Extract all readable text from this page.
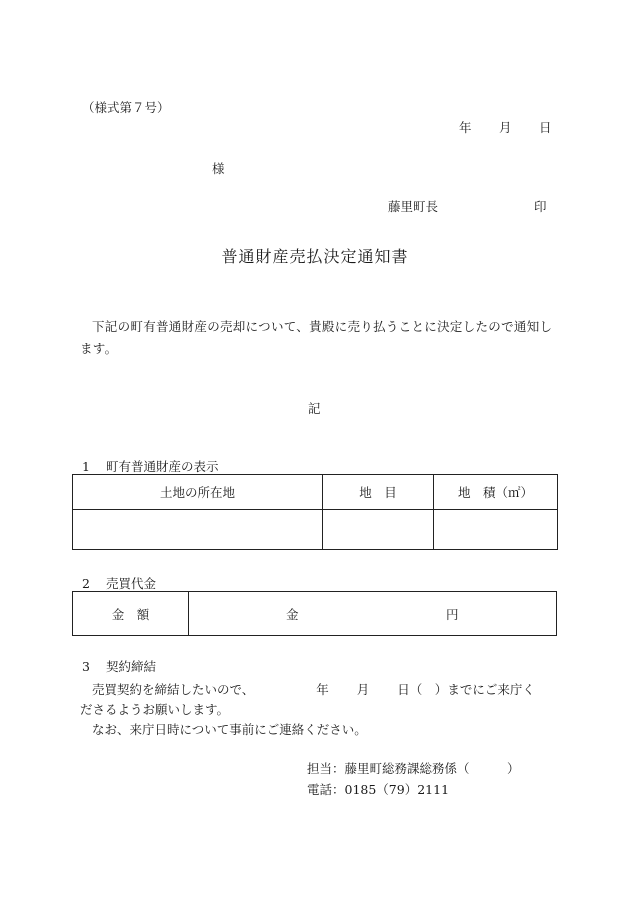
（様式第７号）
年 月 日
様
藤里町長	印
普通財産売払決定通知書
下記の町有普通財産の売却について、貴殿に売り払うことに決定したので通知します。
記
1 町有普通財産の表示
土地の所在地	地　目	地　積（㎡）

2 売買代金
金　額	金	円
3 契約締結
売買契約を締結したいので、	年 月 日（　）までにご来庁く
ださるようお願いします。
なお、来庁日時について事前にご連絡ください。
担当：藤里町総務課総務係（　　　）
電話：0185（79）2111
